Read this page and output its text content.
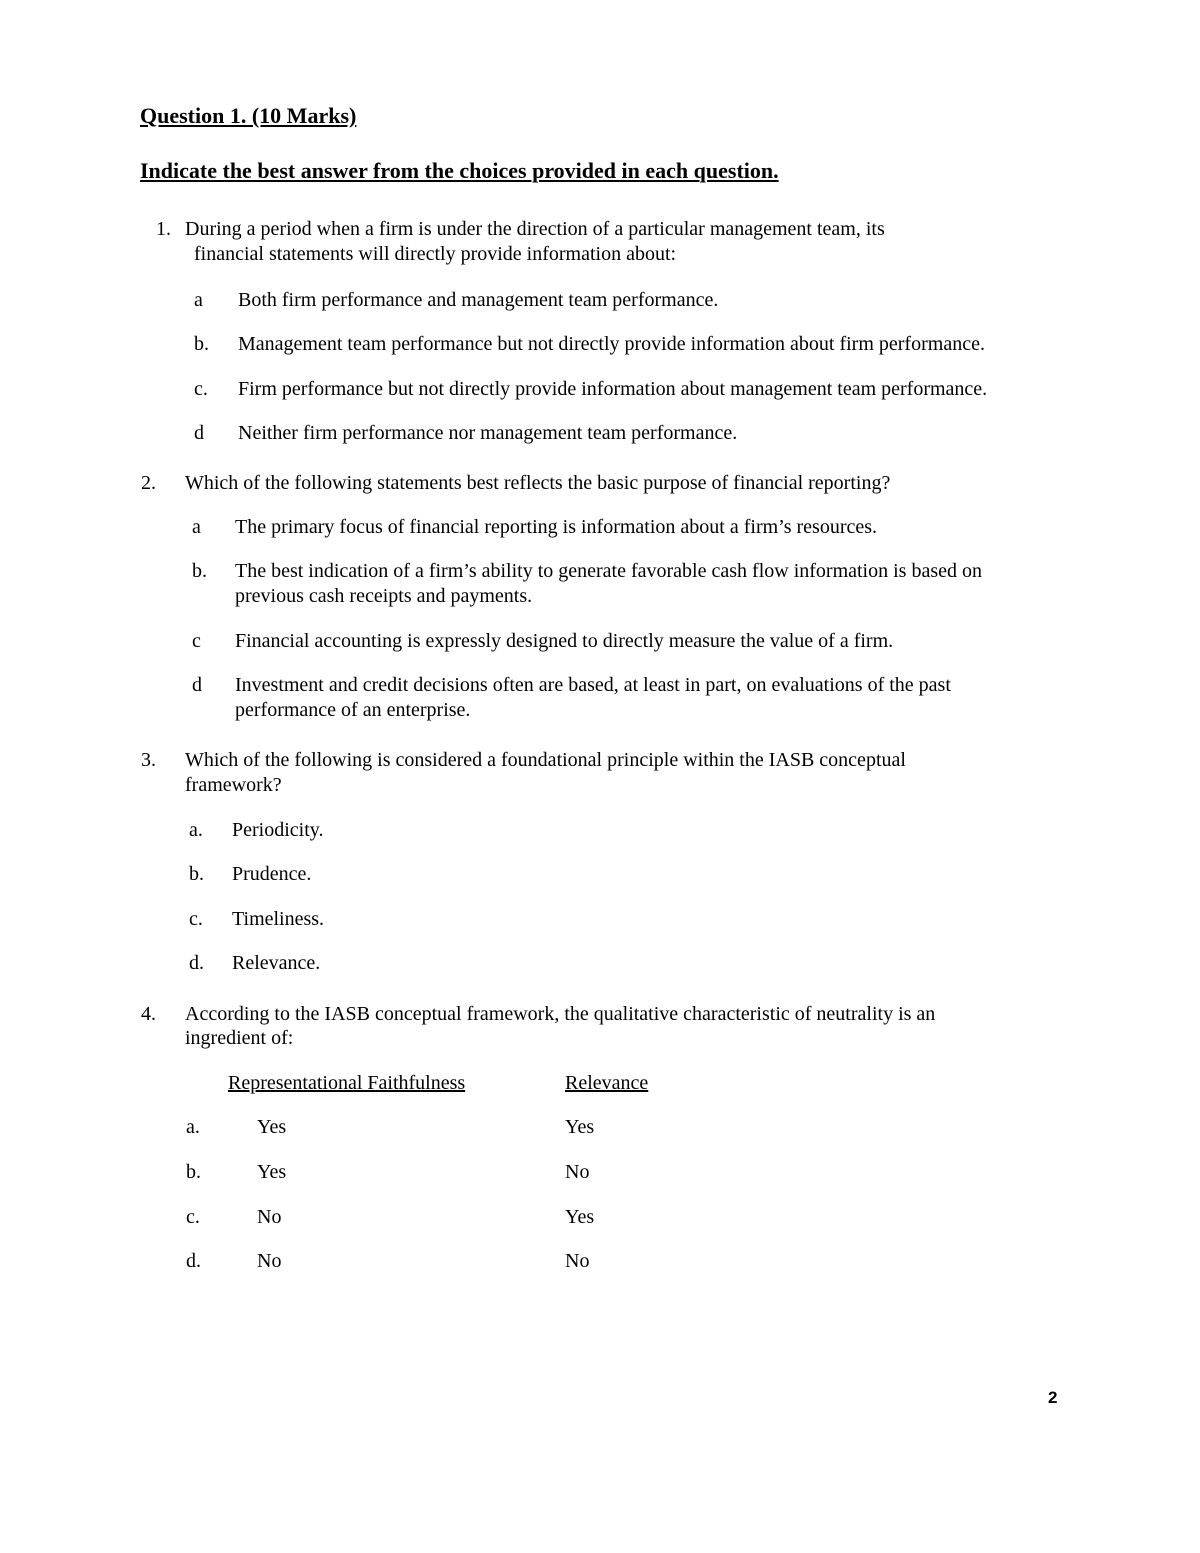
Question 1. (10 Marks)
Indicate the best answer from the choices provided in each question.
1. During a period when a firm is under the direction of a particular management team, its
financial statements will directly provide information about:
a Both firm performance and management team performance.
b. Management team performance but not directly provide information about firm performance.
c. Firm performance but not directly provide information about management team performance.
d Neither firm performance nor management team performance.
2. Which of the following statements best reflects the basic purpose of financial reporting?
a The primary focus of financial reporting is information about a firm’s resources.
b. The best indication of a firm’s ability to generate favorable cash flow information is based on
previous cash receipts and payments.
c Financial accounting is expressly designed to directly measure the value of a firm.
d Investment and credit decisions often are based, at least in part, on evaluations of the past
performance of an enterprise.
3. Which of the following is considered a foundational principle within the IASB conceptual
framework?
a. Periodicity.
b. Prudence.
c. Timeliness.
d. Relevance.
4. According to the IASB conceptual framework, the qualitative characteristic of neutrality is an
ingredient of:
Representational Faithfulness	Relevance
a.	Yes	Yes
b.	Yes	No
c.	No	Yes
d.	No	No
2
